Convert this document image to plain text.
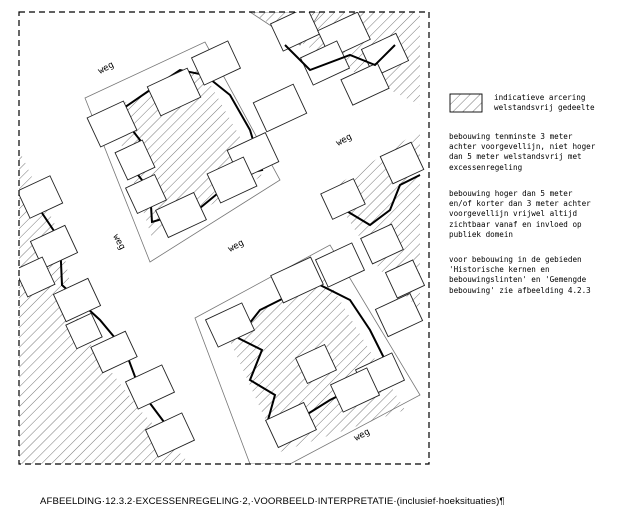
weg
weg
weg	weg
weg
indicatieve arcering
welstandsvrij gedeelte
bebouwing tenminste 3 meter
achter voorgevellijn, niet hoger
dan 5 meter welstandsvrij met
excessenregeling
bebouwing hoger dan 5 meter
en/of korter dan 3 meter achter
voorgevellijn vrijwel altijd
zichtbaar vanaf en invloed op
publiek domein
voor bebouwing in de gebieden
'Historische kernen en
bebouwingslinten' en 'Gemengde
bebouwing' zie afbeelding 4.2.3
AFBEELDING·12.3.2·EXCESSENREGELING·2,·VOORBEELD·INTERPRETATIE·(inclusief·hoeksituaties)¶
